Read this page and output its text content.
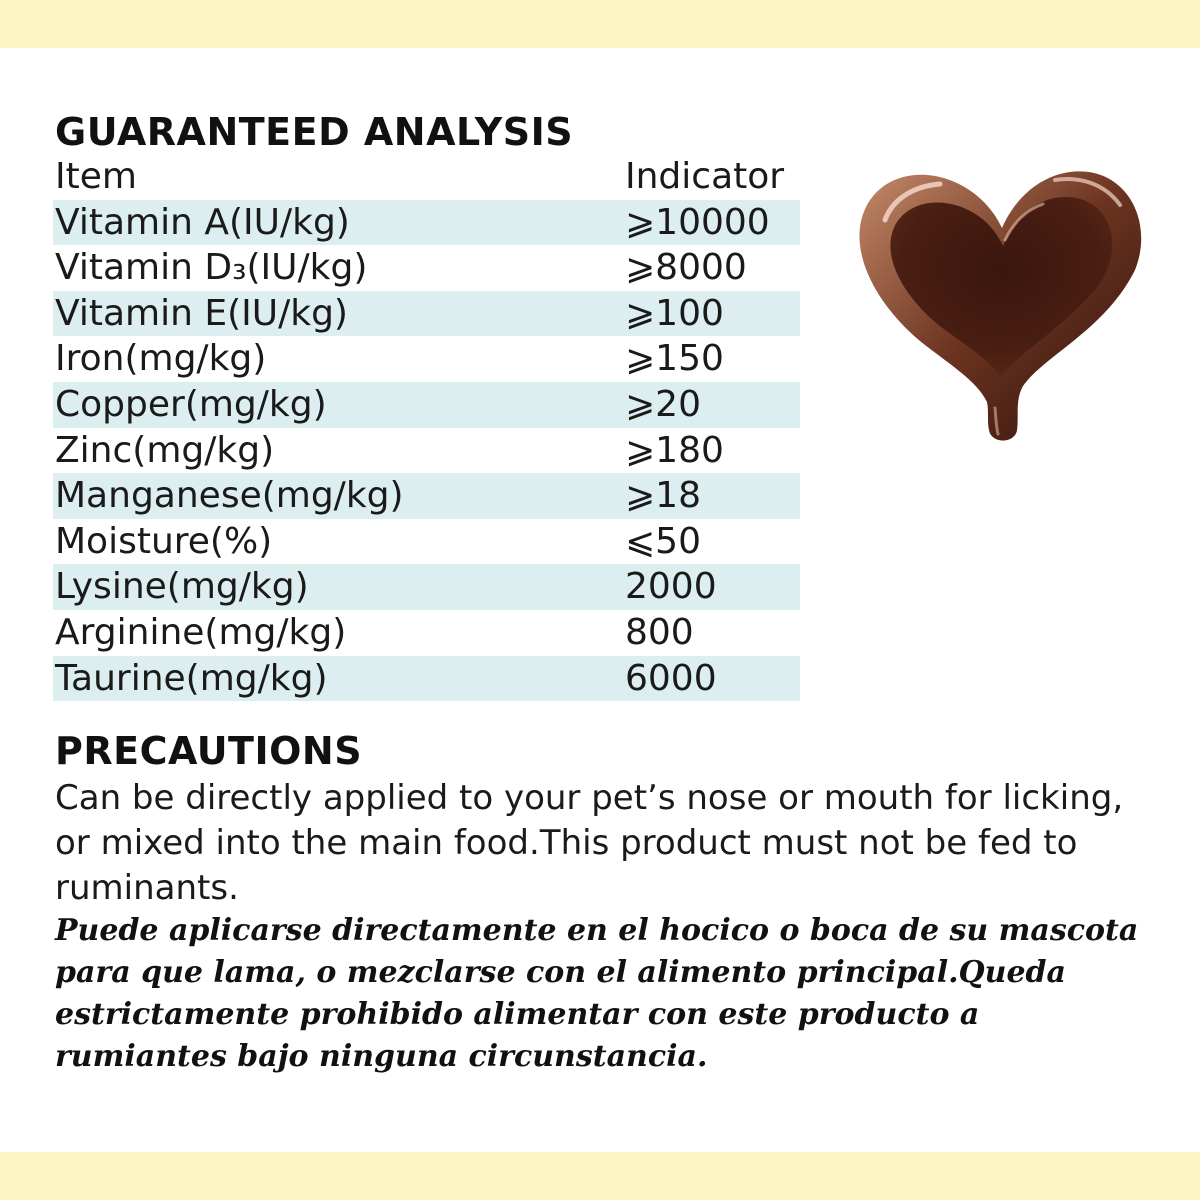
GUARANTEED ANALYSIS
Item	Indicator
Vitamin A(IU/kg)	⩾10000
Vitamin D₃(IU/kg)	⩾8000
Vitamin E(IU/kg)	⩾100
Iron(mg/kg)	⩾150
Copper(mg/kg)	⩾20
Zinc(mg/kg)	⩾180
Manganese(mg/kg)	⩾18
Moisture(%)	⩽50
Lysine(mg/kg)	2000
Arginine(mg/kg)	800
Taurine(mg/kg)	6000
PRECAUTIONS

Can be directly applied to your pet’s nose or mouth for licking, or mixed into the main food.This product must not be fed to ruminants.

Puede aplicarse directamente en el hocico o boca de su mascota para que lama, o mezclarse con el alimento principal.Queda estrictamente prohibido alimentar con este producto a rumiantes bajo ninguna circunstancia.
